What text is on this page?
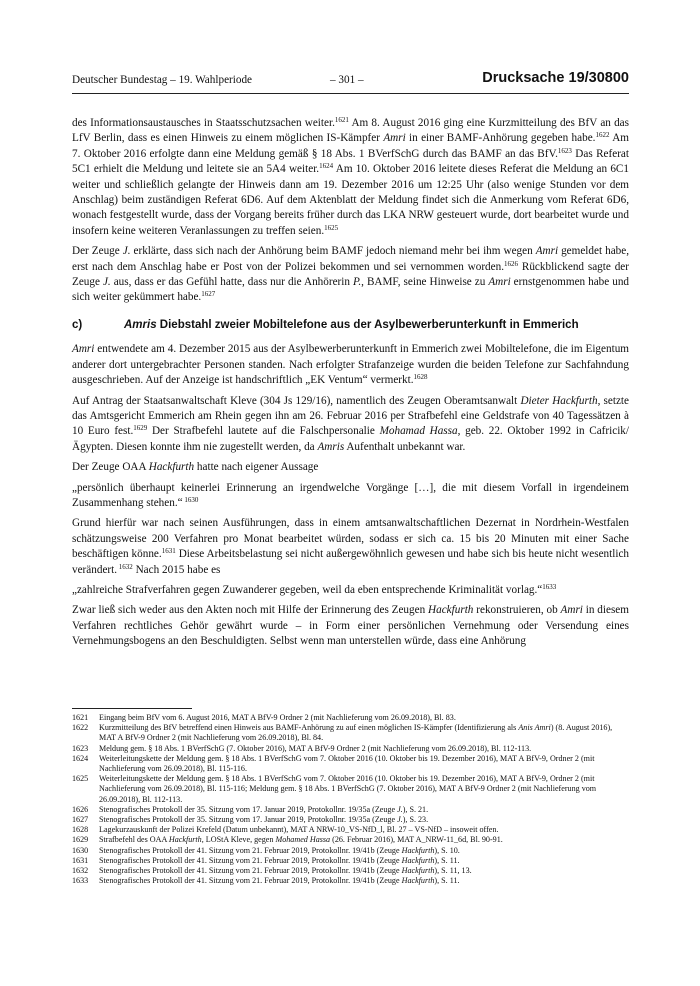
Deutscher Bundestag – 19. Wahlperiode	– 301 –	Drucksache 19/30800

des Informationsaustausches in Staatsschutzsachen weiter.$^{1621}$ Am 8. August 2016 ging eine Kurzmitteilung des BfV an das LfV Berlin, dass es einen Hinweis zu einem möglichen IS-Kämpfer Amri in einer BAMF-Anhörung gegeben habe.$^{1622}$ Am 7. Oktober 2016 erfolgte dann eine Meldung gemäß § 18 Abs. 1 BVerfSchG durch das BAMF an das BfV.$^{1623}$ Das Referat 5C1 erhielt die Meldung und leitete sie an 5A4 weiter.$^{1624}$ Am 10. Oktober 2016 leitete dieses Referat die Meldung an 6C1 weiter und schließlich gelangte der Hinweis dann am 19. Dezember 2016 um 12:25 Uhr (also wenige Stunden vor dem Anschlag) beim zuständigen Referat 6D6. Auf dem Aktenblatt der Meldung findet sich die Anmerkung vom Referat 6D6, wonach festgestellt wurde, dass der Vorgang bereits früher durch das LKA NRW gesteuert wurde, dort bearbeitet wurde und insofern keine weiteren Veranlassungen zu treffen seien.$^{1625}$

Der Zeuge J. erklärte, dass sich nach der Anhörung beim BAMF jedoch niemand mehr bei ihm wegen Amri gemeldet habe, erst nach dem Anschlag habe er Post von der Polizei bekommen und sei vernommen worden.$^{1626}$ Rückblickend sagte der Zeuge J. aus, dass er das Gefühl hatte, dass nur die Anhörerin P., BAMF, seine Hinweise zu Amri ernstgenommen habe und sich weiter gekümmert habe.$^{1627}$

c)	Amris Diebstahl zweier Mobiltelefone aus der Asylbewerberunterkunft in Emmerich

Amri entwendete am 4. Dezember 2015 aus der Asylbewerberunterkunft in Emmerich zwei Mobiltelefone, die im Eigentum anderer dort untergebrachter Personen standen. Nach erfolgter Strafanzeige wurden die beiden Telefone zur Sachfahndung ausgeschrieben. Auf der Anzeige ist handschriftlich „EK Ventum“ vermerkt.$^{1628}$

Auf Antrag der Staatsanwaltschaft Kleve (304 Js 129/16), namentlich des Zeugen Oberamtsanwalt Dieter Hackfurth, setzte das Amtsgericht Emmerich am Rhein gegen ihn am 26. Februar 2016 per Strafbefehl eine Geldstrafe von 40 Tagessätzen à 10 Euro fest.$^{1629}$ Der Strafbefehl lautete auf die Falschpersonalie Mohamad Hassa, geb. 22. Oktober 1992 in Cafricik/Ägypten. Diesen konnte ihm nie zugestellt werden, da Amris Aufenthalt unbekannt war.

Der Zeuge OAA Hackfurth hatte nach eigener Aussage

„persönlich überhaupt keinerlei Erinnerung an irgendwelche Vorgänge […], die mit diesem Vorfall in irgendeinem Zusammenhang stehen.“ $^{1630}$

Grund hierfür war nach seinen Ausführungen, dass in einem amtsanwaltschaftlichen Dezernat in Nordrhein-Westfalen schätzungsweise 200 Verfahren pro Monat bearbeitet würden, sodass er sich ca. 15 bis 20 Minuten mit einer Sache beschäftigen könne.$^{1631}$ Diese Arbeitsbelastung sei nicht außergewöhnlich gewesen und habe sich bis heute nicht wesentlich verändert. $^{1632}$ Nach 2015 habe es

„zahlreiche Strafverfahren gegen Zuwanderer gegeben, weil da eben entsprechende Kriminalität vorlag.“$^{1633}$

Zwar ließ sich weder aus den Akten noch mit Hilfe der Erinnerung des Zeugen Hackfurth rekonstruieren, ob Amri in diesem Verfahren rechtliches Gehör gewährt wurde – in Form einer persönlichen Vernehmung oder Versendung eines Vernehmungsbogens an den Beschuldigten. Selbst wenn man unterstellen würde, dass eine Anhörung

1621	Eingang beim BfV vom 6. August 2016, MAT A BfV-9 Ordner 2 (mit Nachlieferung vom 26.09.2018), Bl. 83.
1622	Kurzmitteilung des BfV betreffend einen Hinweis aus BAMF-Anhörung zu auf einen möglichen IS-Kämpfer (Identifizierung als Anis Amri) (8. August 2016), MAT A BfV-9 Ordner 2 (mit Nachlieferung vom 26.09.2018), Bl. 84.
1623	Meldung gem. § 18 Abs. 1 BVerfSchG (7. Oktober 2016), MAT A BfV-9 Ordner 2 (mit Nachlieferung vom 26.09.2018), Bl. 112-113.
1624	Weiterleitungskette der Meldung gem. § 18 Abs. 1 BVerfSchG vom 7. Oktober 2016 (10. Oktober bis 19. Dezember 2016), MAT A BfV-9, Ordner 2 (mit Nachlieferung vom 26.09.2018), Bl. 115-116.
1625	Weiterleitungskette der Meldung gem. § 18 Abs. 1 BVerfSchG vom 7. Oktober 2016 (10. Oktober bis 19. Dezember 2016), MAT A BfV-9, Ordner 2 (mit Nachlieferung vom 26.09.2018), Bl. 115-116; Meldung gem. § 18 Abs. 1 BVerfSchG (7. Oktober 2016), MAT A BfV-9 Ordner 2 (mit Nachlieferung vom 26.09.2018), Bl. 112-113.
1626	Stenografisches Protokoll der 35. Sitzung vom 17. Januar 2019, Protokollnr. 19/35a (Zeuge J.), S. 21.
1627	Stenografisches Protokoll der 35. Sitzung vom 17. Januar 2019, Protokollnr. 19/35a (Zeuge J.), S. 23.
1628	Lagekurzauskunft der Polizei Krefeld (Datum unbekannt), MAT A NRW-10_VS-NfD_l, Bl. 27 – VS-NfD – insoweit offen.
1629	Strafbefehl des OAA Hackfurth, LOStA Kleve, gegen Mohamed Hassa (26. Februar 2016), MAT A_NRW-11_6d, Bl. 90-91.
1630	Stenografisches Protokoll der 41. Sitzung vom 21. Februar 2019, Protokollnr. 19/41b (Zeuge Hackfurth), S. 10.
1631	Stenografisches Protokoll der 41. Sitzung vom 21. Februar 2019, Protokollnr. 19/41b (Zeuge Hackfurth), S. 11.
1632	Stenografisches Protokoll der 41. Sitzung vom 21. Februar 2019, Protokollnr. 19/41b (Zeuge Hackfurth), S. 11, 13.
1633	Stenografisches Protokoll der 41. Sitzung vom 21. Februar 2019, Protokollnr. 19/41b (Zeuge Hackfurth), S. 11.
